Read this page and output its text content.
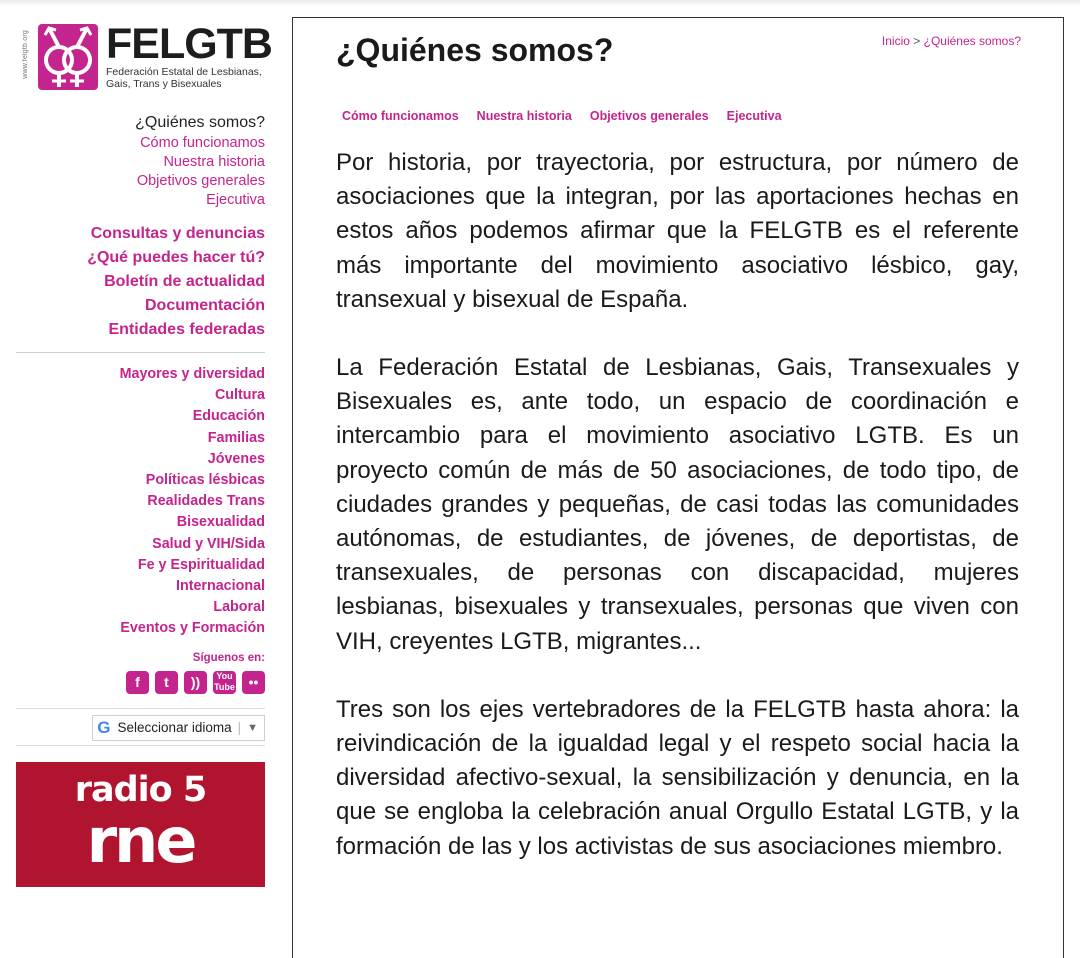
www.felgtb.org FELGTB
Federación Estatal de Lesbianas,
Gais, Trans y Bisexuales
¿Quiénes somos?
Cómo funcionamos
Nuestra historia
Objetivos generales
Ejecutiva
Consultas y denuncias
¿Qué puedes hacer tú?
Boletín de actualidad
Documentación
Entidades federadas
Mayores y diversidad
Cultura
Educación
Familias
Jóvenes
Políticas lésbicas
Realidades Trans
Bisexualidad
Salud y VIH/Sida
Fe y Espiritualidad
Internacional
Laboral
Eventos y Formación
Síguenos en:
f	t	))	You Tube ••
G Seleccionar idioma | ▼
radio 5
rne
¿Quiénes somos?	Inicio > ¿Quiénes somos?
Cómo funcionamos Nuestra historia Objetivos generales Ejecutiva

Por historia, por trayectoria, por estructura, por número de asociaciones que la integran, por las aportaciones hechas en estos años podemos afirmar que la FELGTB es el referente más importante del movimiento asociativo lésbico, gay, transexual y bisexual de España.

La Federación Estatal de Lesbianas, Gais, Transexuales y Bisexuales es, ante todo, un espacio de coordinación e intercambio para el movimiento asociativo LGTB. Es un proyecto común de más de 50 asociaciones, de todo tipo, de ciudades grandes y pequeñas, de casi todas las comunidades autónomas, de estudiantes, de jóvenes, de deportistas, de transexuales, de personas con discapacidad, mujeres lesbianas, bisexuales y transexuales, personas que viven con VIH, creyentes LGTB, migrantes...

Tres son los ejes vertebradores de la FELGTB hasta ahora: la reivindicación de la igualdad legal y el respeto social hacia la diversidad afectivo-sexual, la sensibilización y denuncia, en la que se engloba la celebración anual Orgullo Estatal LGTB, y la formación de las y los activistas de sus asociaciones miembro.
